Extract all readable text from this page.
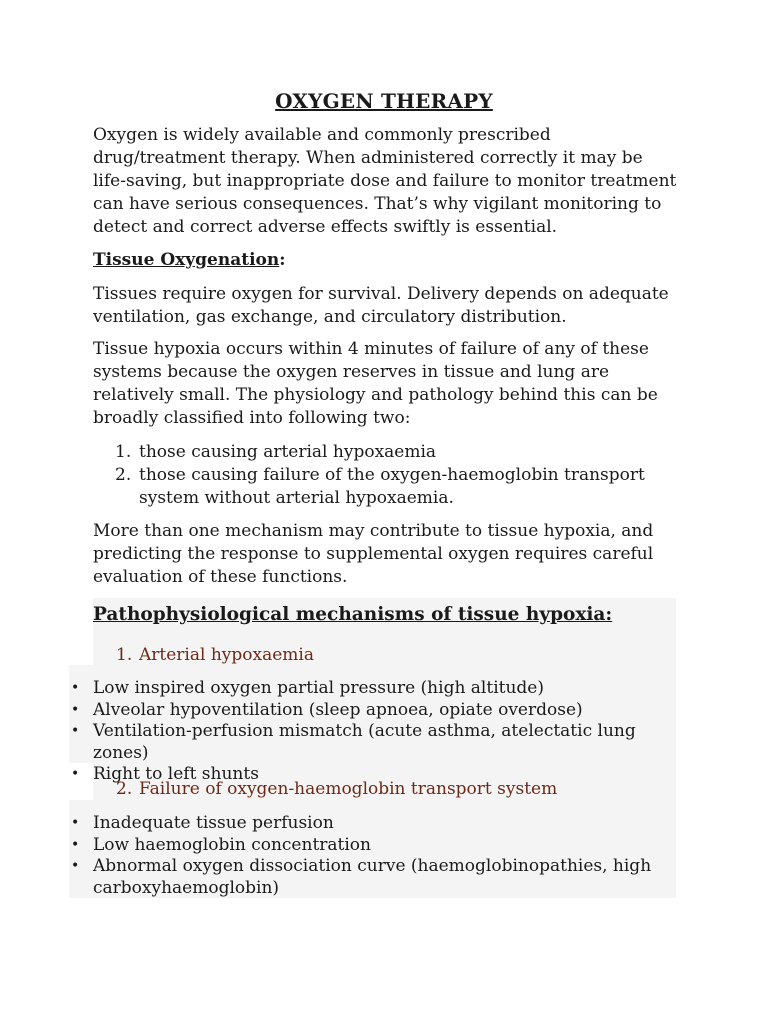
OXYGEN THERAPY

Oxygen is widely available and commonly prescribed drug/treatment therapy. When administered correctly it may be life-saving, but inappropriate dose and failure to monitor treatment can have serious consequences. That’s why vigilant monitoring to detect and correct adverse effects swiftly is essential.

Tissue Oxygenation:

Tissues require oxygen for survival. Delivery depends on adequate ventilation, gas exchange, and circulatory distribution.

Tissue hypoxia occurs within 4 minutes of failure of any of these systems because the oxygen reserves in tissue and lung are relatively small. The physiology and pathology behind this can be broadly classified into following two:

1. those causing arterial hypoxaemia
2. those causing failure of the oxygen-haemoglobin transport system without arterial hypoxaemia.

More than one mechanism may contribute to tissue hypoxia, and predicting the response to supplemental oxygen requires careful evaluation of these functions.

Pathophysiological mechanisms of tissue hypoxia:
1. Arterial hypoxaemia
• Low inspired oxygen partial pressure (high altitude)
• Alveolar hypoventilation (sleep apnoea, opiate overdose)
• Ventilation-perfusion mismatch (acute asthma, atelectatic lung zones)
• Right to left shunts
2. Failure of oxygen-haemoglobin transport system
• Inadequate tissue perfusion
• Low haemoglobin concentration
• Abnormal oxygen dissociation curve (haemoglobinopathies, high carboxyhaemoglobin)
